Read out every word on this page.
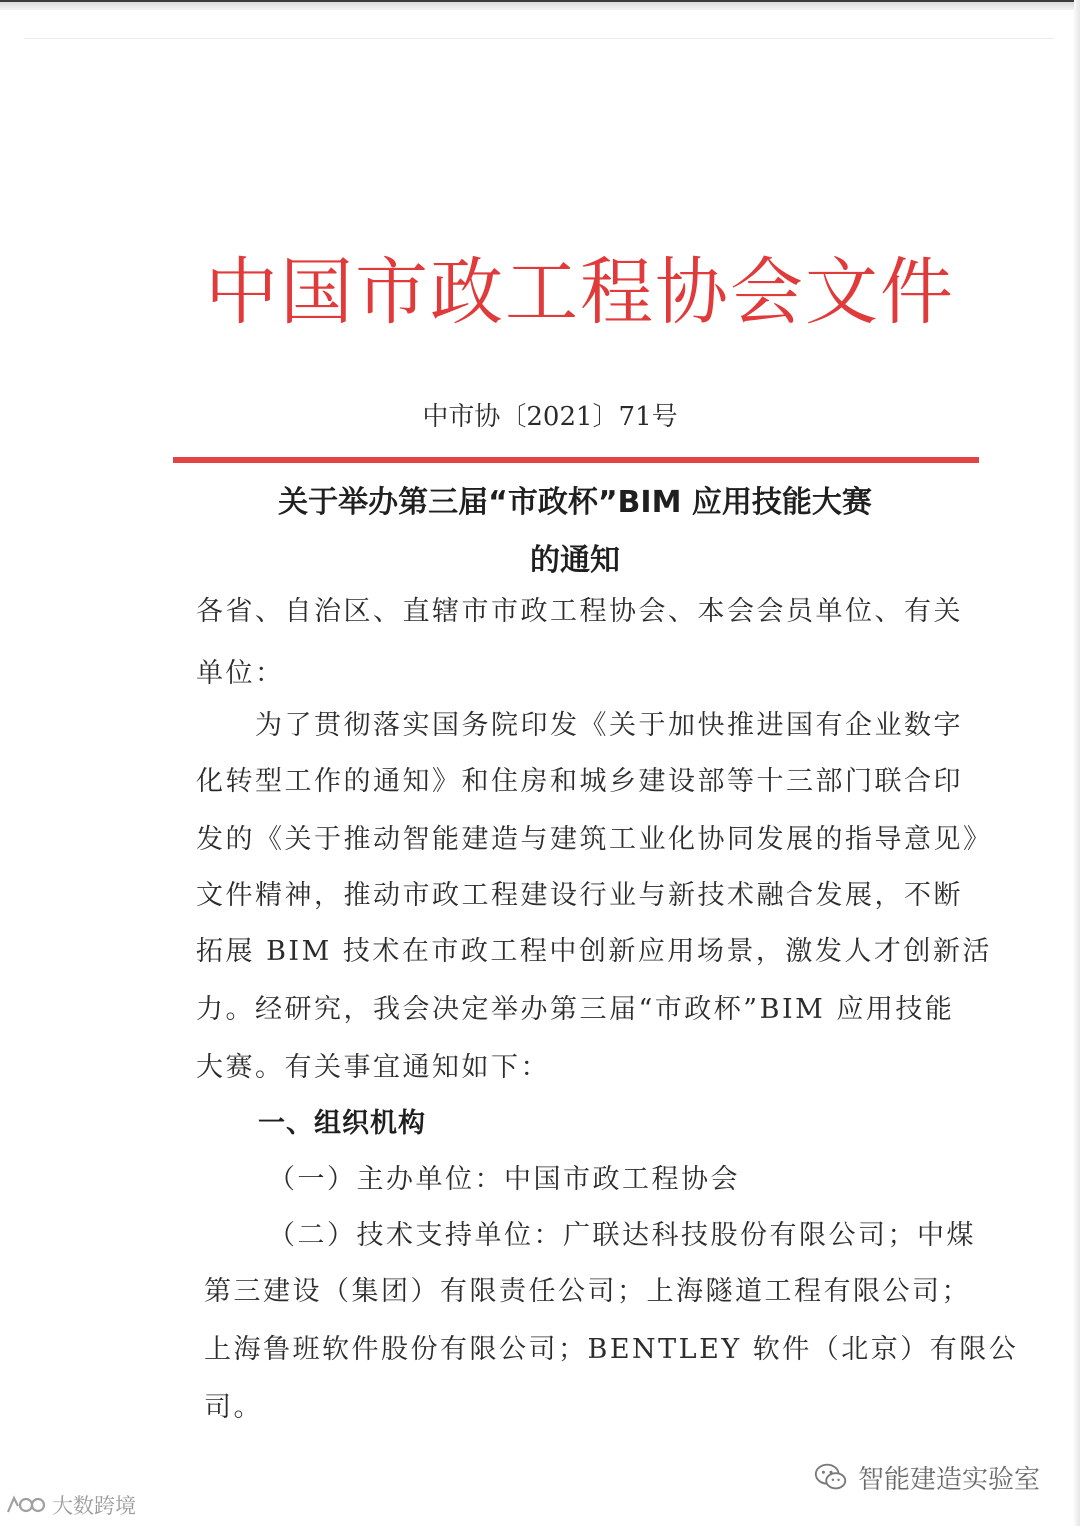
中国市政工程协会文件
中市协〔2021〕71号
关于举办第三届“市政杯”BIM 应用技能大赛
的通知
各省、自治区、直辖市市政工程协会、本会会员单位、有关
单位：
　　为了贯彻落实国务院印发《关于加快推进国有企业数字
化转型工作的通知》和住房和城乡建设部等十三部门联合印
发的《关于推动智能建造与建筑工业化协同发展的指导意见》
文件精神，推动市政工程建设行业与新技术融合发展，不断
拓展 BIM 技术在市政工程中创新应用场景，激发人才创新活
力。经研究，我会决定举办第三届“市政杯”BIM 应用技能
大赛。有关事宜通知如下：
一、组织机构
（一）主办单位：中国市政工程协会
（二）技术支持单位：广联达科技股份有限公司；中煤
第三建设（集团）有限责任公司；上海隧道工程有限公司；
上海鲁班软件股份有限公司；BENTLEY 软件（北京）有限公
司。
智能建造实验室
大数跨境
